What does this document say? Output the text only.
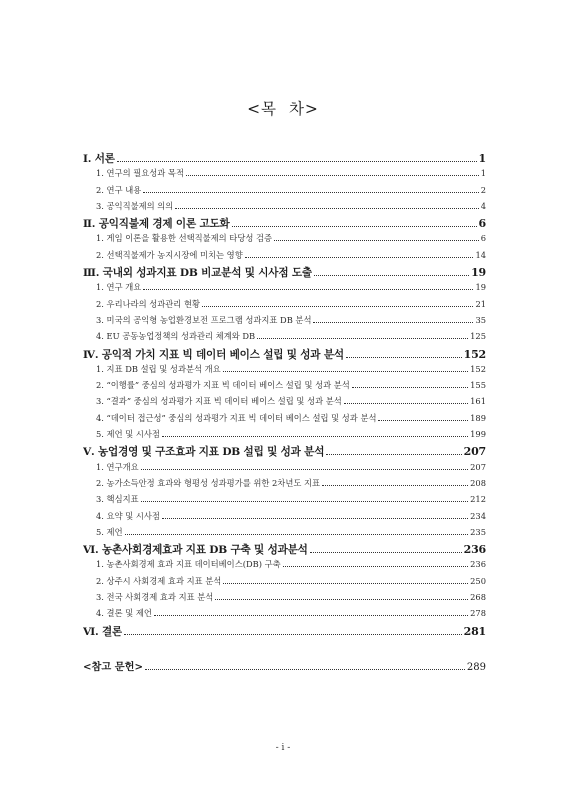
<목 차>
Ⅰ. 서론	1
1. 연구의 필요성과 목적	1
2. 연구 내용	2
3. 공익직불제의 의의	4
Ⅱ. 공익직불제 경제 이론 고도화	6
1. 게임 이론을 활용한 선택직불제의 타당성 검증	6
2. 선택직불제가 농지시장에 미치는 영향	14
Ⅲ. 국내외 성과지표 DB 비교분석 및 시사점 도출	19
1. 연구 개요	19
2. 우리나라의 성과관리 현황	21
3. 미국의 공익형 농업환경보전 프로그램 성과지표 DB 분석	35
4. EU 공동농업정책의 성과관리 체계와 DB	125
Ⅳ. 공익적 가치 지표 빅 데이터 베이스 설립 및 성과 분석	152
1. 지표 DB 설립 및 성과분석 개요	152
2. “이행률” 중심의 성과평가 지표 빅 데이터 베이스 설립 및 성과 분석	155
3. “결과” 중심의 성과평가 지표 빅 데이터 베이스 설립 및 성과 분석	161
4. “데이터 접근성” 중심의 성과평가 지표 빅 데이터 베이스 설립 및 성과 분석	189
5. 제언 및 시사점	199
Ⅴ. 농업경영 및 구조효과 지표 DB 설립 및 성과 분석	207
1. 연구개요	207
2. 농가소득안정 효과와 형평성 성과평가를 위한 2차년도 지표	208
3. 핵심지표	212
4. 요약 및 시사점	234
5. 제언	235
Ⅵ. 농촌사회경제효과 지표 DB 구축 및 성과분석	236
1. 농촌사회경제 효과 지표 데이터베이스(DB) 구축	236
2. 상주시 사회경제 효과 지표 분석	250
3. 전국 사회경제 효과 지표 분석	268
4. 결론 및 제언	278
Ⅵ. 결론	281
<참고 문헌>	289
- i -
